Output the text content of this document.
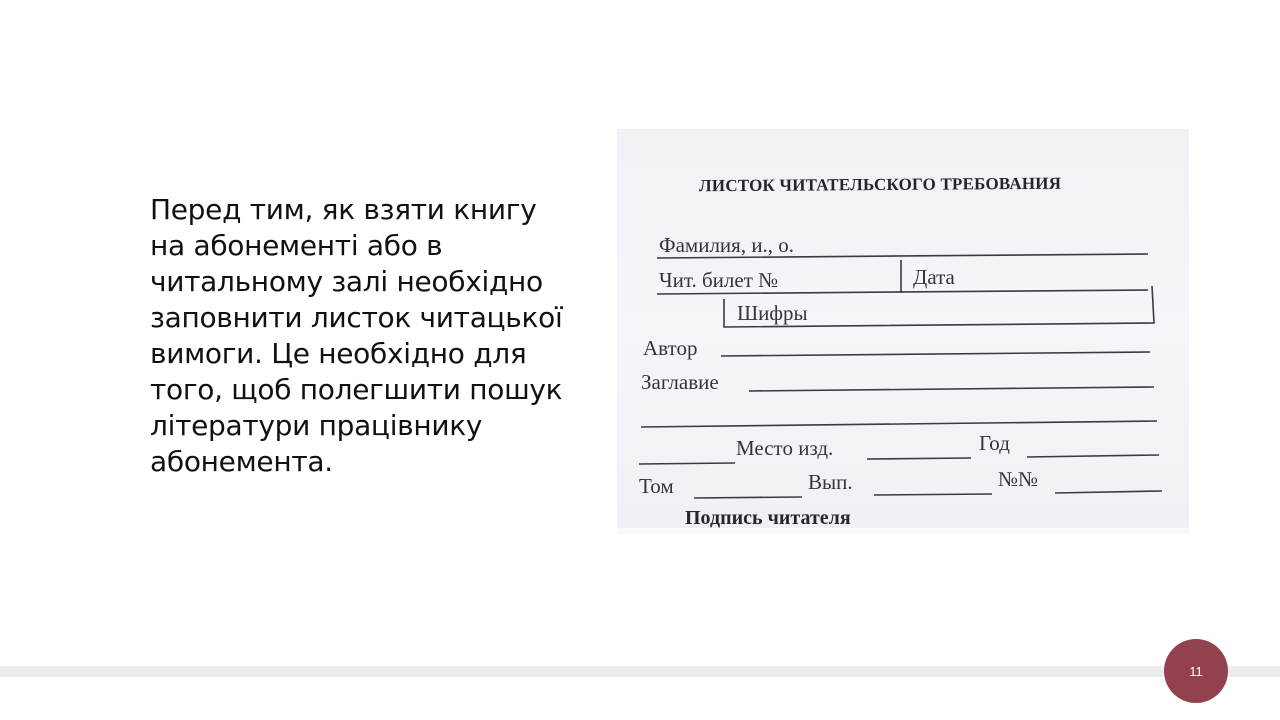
Перед тим, як взяти книгу
на абонементі або в
читальному залі необхідно
заповнити листок читацької
вимоги. Це необхідно для
того, щоб полегшити пошук
літератури працівнику
абонемента.
ЛИСТОК ЧИТАТЕЛЬСКОГО ТРЕБОВАНИЯ
Фамилия, и., о.
Чит. билет №	Дата
Шифры
Автор
Заглавие
Место изд.	Год
Том	Вып.	№№
Подпись читателя
11
